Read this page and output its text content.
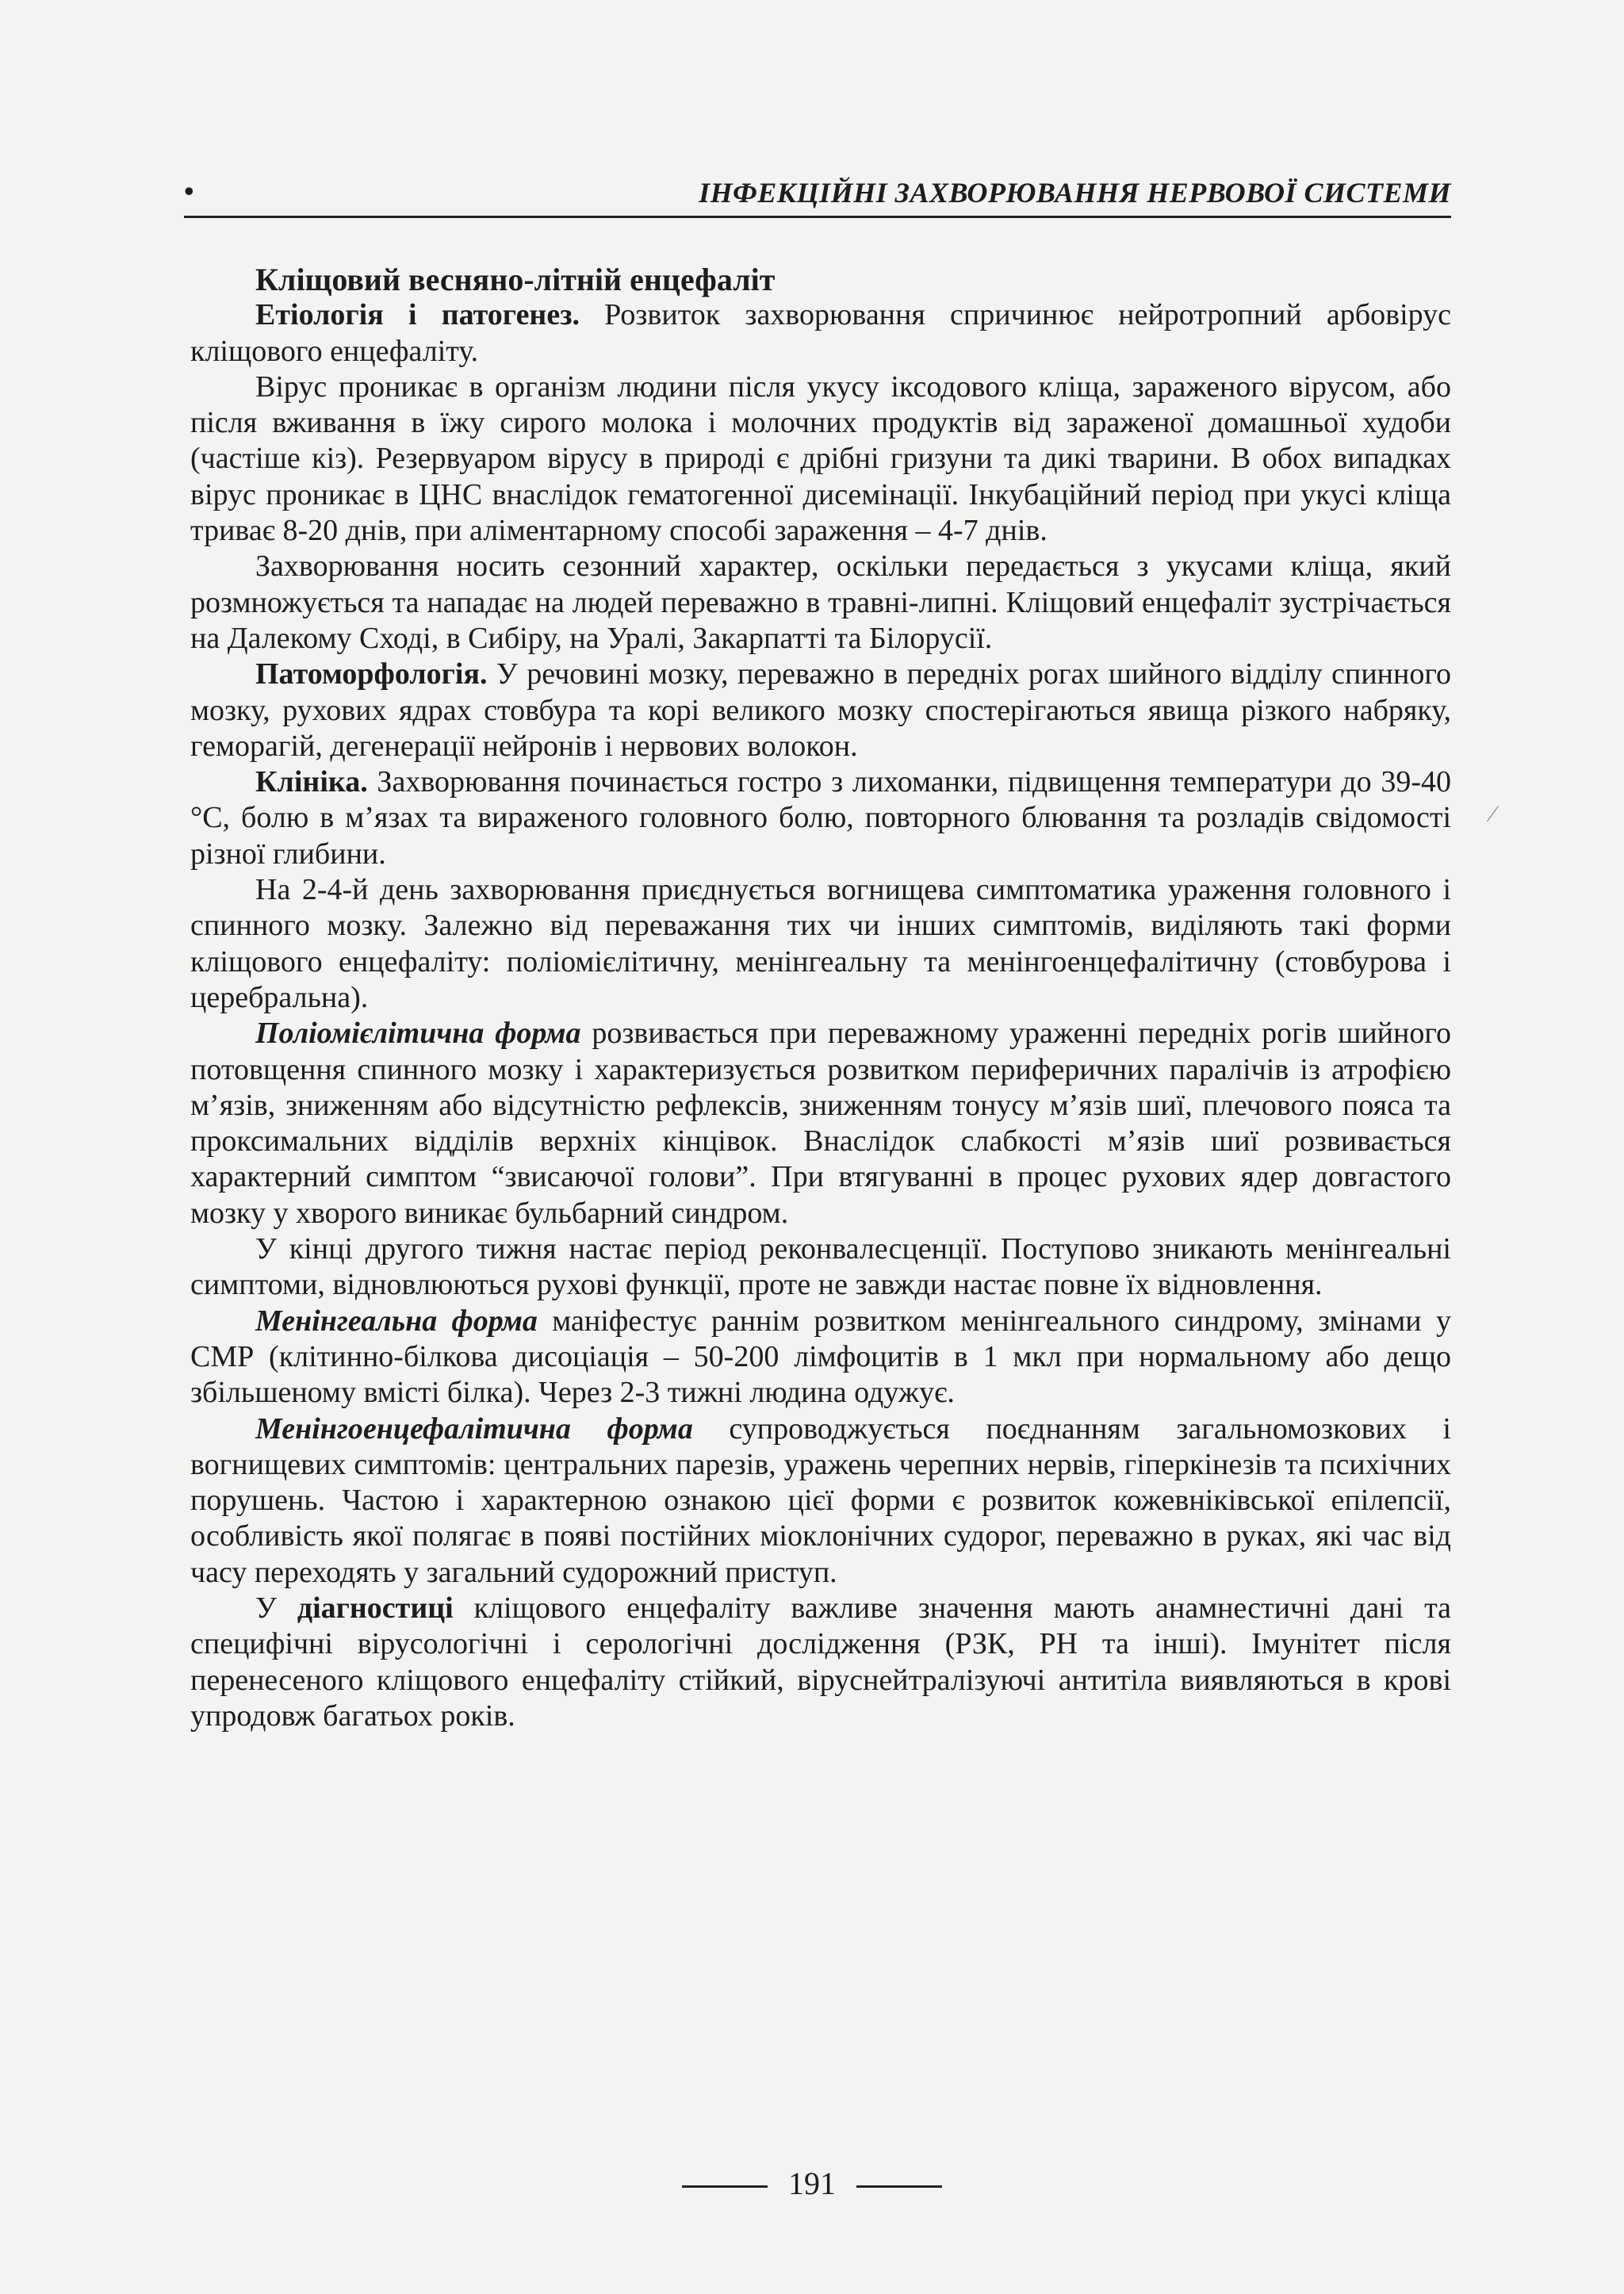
•	ІНФЕКЦІЙНІ ЗАХВОРЮВАННЯ НЕРВОВОЇ СИСТЕМИ
Кліщовий весняно-літній енцефаліт

Етіологія і патогенез. Розвиток захворювання спричинює нейротропний арбовірус кліщового енцефаліту.

Вірус проникає в організм людини після укусу іксодового кліща, зараженого вірусом, або після вживання в їжу сирого молока і молочних продуктів від зараженої домашньої худоби (частіше кіз). Резервуаром вірусу в природі є дрібні гризуни та дикі тварини. В обох випадках вірус проникає в ЦНС внаслідок гематогенної дисемінації. Інкубаційний період при укусі кліща триває 8-20 днів, при аліментарному способі зараження – 4-7 днів.

Захворювання носить сезонний характер, оскільки передається з укусами кліща, який розмножується та нападає на людей переважно в травні-липні. Кліщовий енцефаліт зустрічається на Далекому Сході, в Сибіру, на Уралі, Закарпатті та Білорусії.

Патоморфологія. У речовині мозку, переважно в передніх рогах шийного відділу спинного мозку, рухових ядрах стовбура та корі великого мозку спостерігаються явища різкого набряку, геморагій, дегенерації нейронів і нервових волокон.

Клініка. Захворювання починається гостро з лихоманки, підвищення температури до 39-40 °С, болю в м’язах та вираженого головного болю, повторного блювання та розладів свідомості різної глибини.

На 2-4-й день захворювання приєднується вогнищева симптоматика ураження головного і спинного мозку. Залежно від переважання тих чи інших симптомів, виділяють такі форми кліщового енцефаліту: поліомієлітичну, менінгеальну та менінгоенцефалітичну (стовбурова і церебральна).

Поліомієлітична форма розвивається при переважному ураженні передніх рогів шийного потовщення спинного мозку і характеризується розвитком периферичних паралічів із атрофією м’язів, зниженням або відсутністю рефлексів, зниженням тонусу м’язів шиї, плечового пояса та проксимальних відділів верхніх кінцівок. Внаслідок слабкості м’язів шиї розвивається характерний симптом “звисаючої голови”. При втягуванні в процес рухових ядер довгастого мозку у хворого виникає бульбарний синдром.

У кінці другого тижня настає період реконвалесценції. Поступово зникають менінгеальні симптоми, відновлюються рухові функції, проте не завжди настає повне їх відновлення.

Менінгеальна форма маніфестує раннім розвитком менінгеального синдрому, змінами у СМР (клітинно-білкова дисоціація – 50-200 лімфоцитів в 1 мкл при нормальному або дещо збільшеному вмісті білка). Через 2-3 тижні людина одужує.

Менінгоенцефалітична форма супроводжується поєднанням загальномозкових і вогнищевих симптомів: центральних парезів, уражень черепних нервів, гіперкінезів та психічних порушень. Частою і характерною ознакою цієї форми є розвиток кожевніківської епілепсії, особливість якої полягає в появі постійних міоклонічних судорог, переважно в руках, які час від часу переходять у загальний судорожний приступ.

У діагностиці кліщового енцефаліту важливе значення мають анамнестичні дані та специфічні вірусологічні і серологічні дослідження (РЗК, РН та інші). Імунітет після перенесеного кліщового енцефаліту стійкий, віруснейтралізуючі антитіла виявляються в крові упродовж багатьох років.

191
⁄
